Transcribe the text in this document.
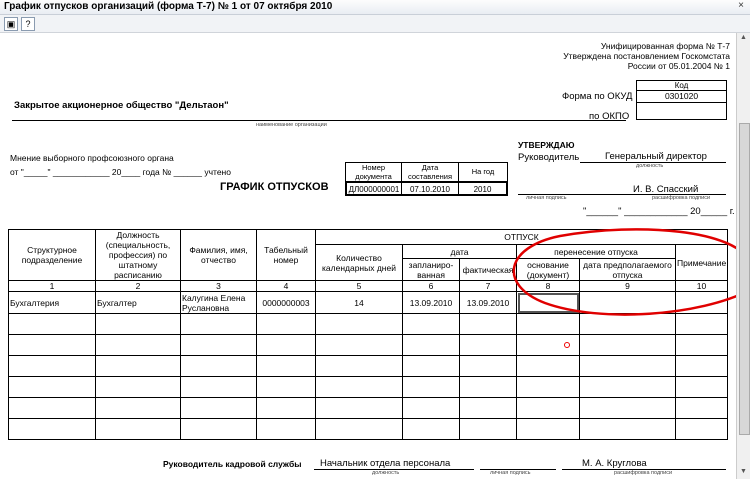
График отпусков организаций (форма Т-7) № 1 от 07 октября 2010	×
▣	?
Унифицированная форма № Т-7
Утверждена постановлением Госкомстата
России от 05.01.2004 № 1
Код
0301020
Форма по ОКУД
по ОКПО
Закрытое акционерное общество "Дельтаон"
наименование организации
Мнение выборного профсоюзного органа
от "_____" ____________ 20____ года № ______ учтено
ГРАФИК ОТПУСКОВ
Номер документа
Дата составления
На год
ДЛ000000001	07.10.2010	2010
УТВЕРЖДАЮ
Руководитель	Генеральный директор
должность
И. В. Спасский
личная подпись	расшифровка подписи
"______" ____________ 20_____ г.
Структурное подразделение	Должность (специальность, профессия) по штатному расписанию	Фамилия, имя, отчество	Табельный номер	ОТПУСК					
				Количество календарных дней	дата		перенесение отпуска		Примечание
					запланиро-ванная	фактическая	основание (документ)	дата предполагаемого отпуска	
1	2	3	4	5	6	7	8	9	10
Бухгалтерия	Бухгалтер	Калугина Елена Руслановна	0000000003	14	13.09.2010	13.09.2010			

Руководитель кадровой службы Начальник отдела персонала
должность	личная подпись
М. А. Круглова
расшифровка подписи
▲
▼
